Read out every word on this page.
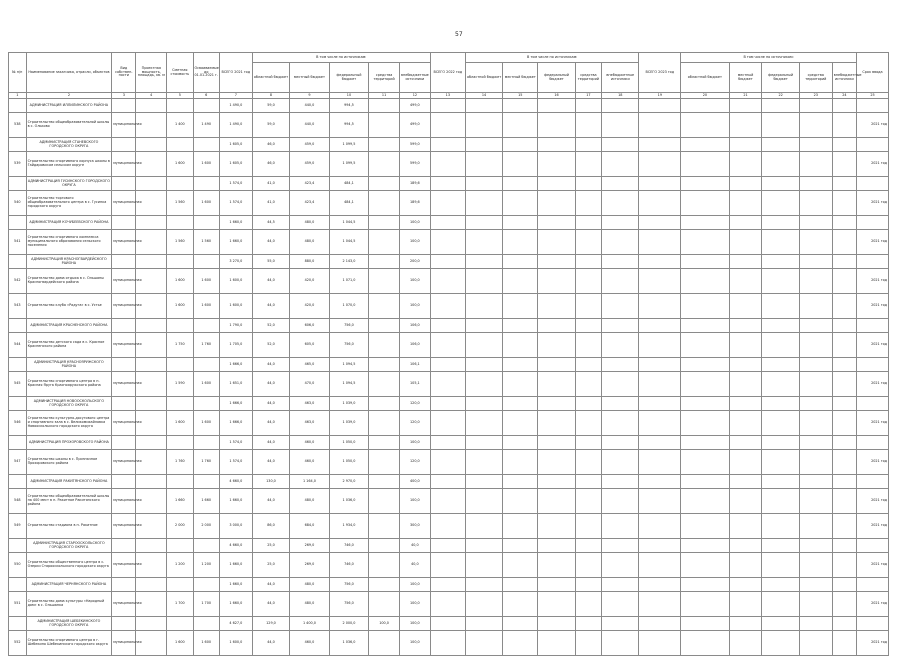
57
№ п/п	Наименование заказчика, отрасли, объектов	Вид собствен-ности	Проектная мощность, площадь, кв. м	Сметная стоимость	Осваиваемые до 01.01.2021 г.	ВСЕГО 2021 год	В том числе по источникам:					ВСЕГО 2022 год	В том числе по источникам:					ВСЕГО 2023 год	В том числе по источникам:					Срок ввода
							областной бюджет	местный бюджет	федеральный бюджет	средства территорий	внебюджетные источники		областной бюджет	местный бюджет	федеральный бюджет	средства территорий	внебюджетные источники		областной бюджет	местный бюджет	федеральный бюджет	средства территорий	внебюджетные источники	
1	2	3	4	5	6	7	8	9	10	11	12	13	14	15	16	17	18	19	20	21	22	23	24	25
	АДМИНИСТРАЦИЯ ИЛЛИЛИНСКОГО РАЙОНА					1 490,0	59,0	440,0	994,5		499,0													
538	Строительство общеобразовательной школы в с. Ольково	муниципальная		1 400	1 490	1 490,0	59,0	440,0	994,5		499,0													2021 год
	АДМИНИСТРАЦИЯ СТАНЕВСКОГО ГОРОДСКОГО ОКРУГА					1 605,0	46,0	459,0	1 099,5		599,0													
539	Строительство спортивного корпуса школы в Гайдаровском сельском округе	муниципальная		1 600	1 600	1 605,0	46,0	459,0	1 099,5		599,0													2021 год
	АДМИНИСТРАЦИЯ ГУСИНСКОГО ГОРОДСКОГО ОКРУГА					1 574,0	41,0	423,4	484,1		189,6													
540	Строительство торгового общеобразовательного центра в с. Гусинка городского округа	муниципальная		1 560	1 600	1 574,0	41,0	423,4	484,1		189,6													2021 год
	АДМИНИСТРАЦИЯ КОЧУБЕЕВСКОГО РАЙОНА					1 660,0	44,5	480,0	1 044,5		100,0													
541	Строительство спортивного комплекса муниципального образования сельского поселения	муниципальная		1 560	1 560	1 660,0	44,0	480,0	1 044,5		100,0													2021 год
	АДМИНИСТРАЦИЯ КРАСНОГВАРДЕЙСКОГО РАЙОНА					3 270,0	55,0	880,0	2 143,0		200,0													
542	Строительство дома отдыха в с. Ольшаны Красногвардейского района	муниципальная		1 600	1 600	1 600,0	44,0	420,0	1 071,0		100,0													2021 год
543	Строительство клуба «Радуга» в с. Устье	муниципальная		1 600	1 600	1 600,0	44,0	420,0	1 070,0		100,0													2021 год
	АДМИНИСТРАЦИЯ КРАСНЕНСКОГО РАЙОНА					1 790,0	52,0	606,0	756,0		106,0													
544	Строительство детского сада в с. Красное Красненского района	муниципальная		1 750	1 760	1 705,0	52,0	605,0	756,0		106,0													2021 год
	АДМИНИСТРАЦИЯ КРАСНОЯРУЖСКОГО РАЙОНА					1 666,0	44,0	465,0	1 094,5		106,1													
545	Строительство спортивного центра в п. Красная Яруга Краснояружского района	муниципальная		1 590	1 600	1 651,0	44,0	470,0	1 094,5		105,1													2021 год
	АДМИНИСТРАЦИЯ НОВООСКОЛЬСКОГО ГОРОДСКОГО ОКРУГА					1 666,0	44,0	463,0	1 039,0		120,0													
546	Строительство культурно-досугового центра и спортивного зала в с. Великомихайловка Новооскольского городского округа	муниципальная		1 600	1 600	1 666,0	44,0	463,0	1 039,0		120,0													2021 год
	АДМИНИСТРАЦИЯ ПРОХОРОВСКОГО РАЙОНА					1 574,0	44,0	460,0	1 050,0		100,0													
547	Строительство школы в с. Призначное Прохоровского района	муниципальная		1 760	1 760	1 574,0	44,0	460,0	1 050,0		120,0													2021 год
	АДМИНИСТРАЦИЯ РАКИТЯНСКОГО РАЙОНА					4 660,0	130,0	1 164,0	2 970,0		400,0													
548	Строительство общеобразовательной школы на 400 мест в п. Ракитное Ракитянского района	муниципальная		1 660	1 660	1 660,0	44,0	480,0	1 036,0		100,0													2021 год
549	Строительство стадиона в п. Ракитное	муниципальная		2 000	2 000	3 000,0	86,0	684,0	1 934,0		300,0													2021 год
	АДМИНИСТРАЦИЯ СТАРООСКОЛЬСКОГО ГОРОДСКОГО ОКРУГА					4 660,0	25,0	269,0	746,0		40,0													
550	Строительство общественного центра в с. Озерки Старооскольского городского округа	муниципальная		1 200	1 200	1 660,0	25,0	269,0	746,0		40,0													2021 год
	АДМИНИСТРАЦИЯ ЧЕРНЯНСКОГО РАЙОНА					1 660,0	44,0	480,0	756,0		100,0													
551	Строительство дома культуры «Народный дом» в с. Ольшанка	муниципальная		1 700	1 700	1 660,0	44,0	480,0	756,0		100,0													2021 год
	АДМИНИСТРАЦИЯ ШЕБЕКИНСКОГО ГОРОДСКОГО ОКРУГА					4 627,0	129,0	1 400,0	2 000,0	100,0	100,0													
552	Строительство спортивного центра в г. Шебекино Шебекинского городского округа	муниципальная		1 600	1 600	1 600,0	44,0	460,0	1 036,0		100,0													2021 год
